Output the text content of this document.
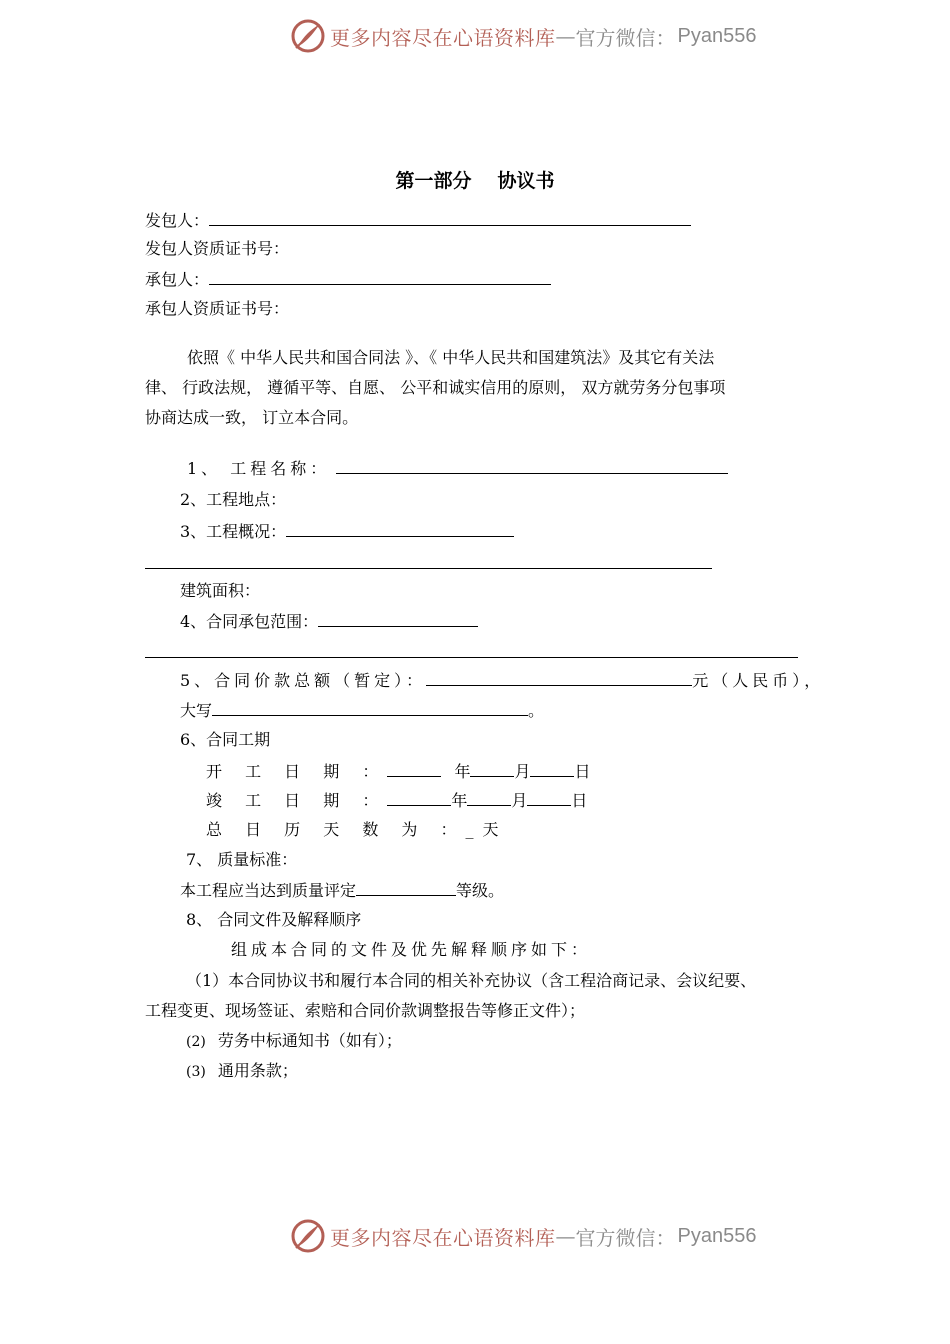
更多内容尽在心语资料库 — 官方微信： Pyan556
第一部分 协议书
发包人：
发包人资质证书号：
承包人：
承包人资质证书号：
依照《 中华人民共和国合同法 》、《 中华人民共和国建筑法》及其它有关法
律、 行政法规， 遵循平等、自愿、 公平和诚实信用的原则， 双方就劳务分包事项
协商达成一致， 订立本合同。
1、 工程名称：
2、工程地点：
3、工程概况：
建筑面积：
4、合同承包范围：
5、合同价款总额（暂定）：	元（人民币），
大写	。
6、合同工期
开 工 日 期 ：	年	月	日
竣 工 日 期 ：	年	月	日
总 日 历 天 数 为 ：_天
7、 质量标准：
本工程应当达到质量评定	等级。
8、 合同文件及解释顺序
组成本合同的文件及优先解释顺序如下：
（1）本合同协议书和履行本合同的相关补充协议（含工程洽商记录、会议纪要、
工程变更、现场签证、索赔和合同价款调整报告等修正文件）；
(2) 劳务中标通知书（如有）；
(3) 通用条款；
更多内容尽在心语资料库 — 官方微信： Pyan556
